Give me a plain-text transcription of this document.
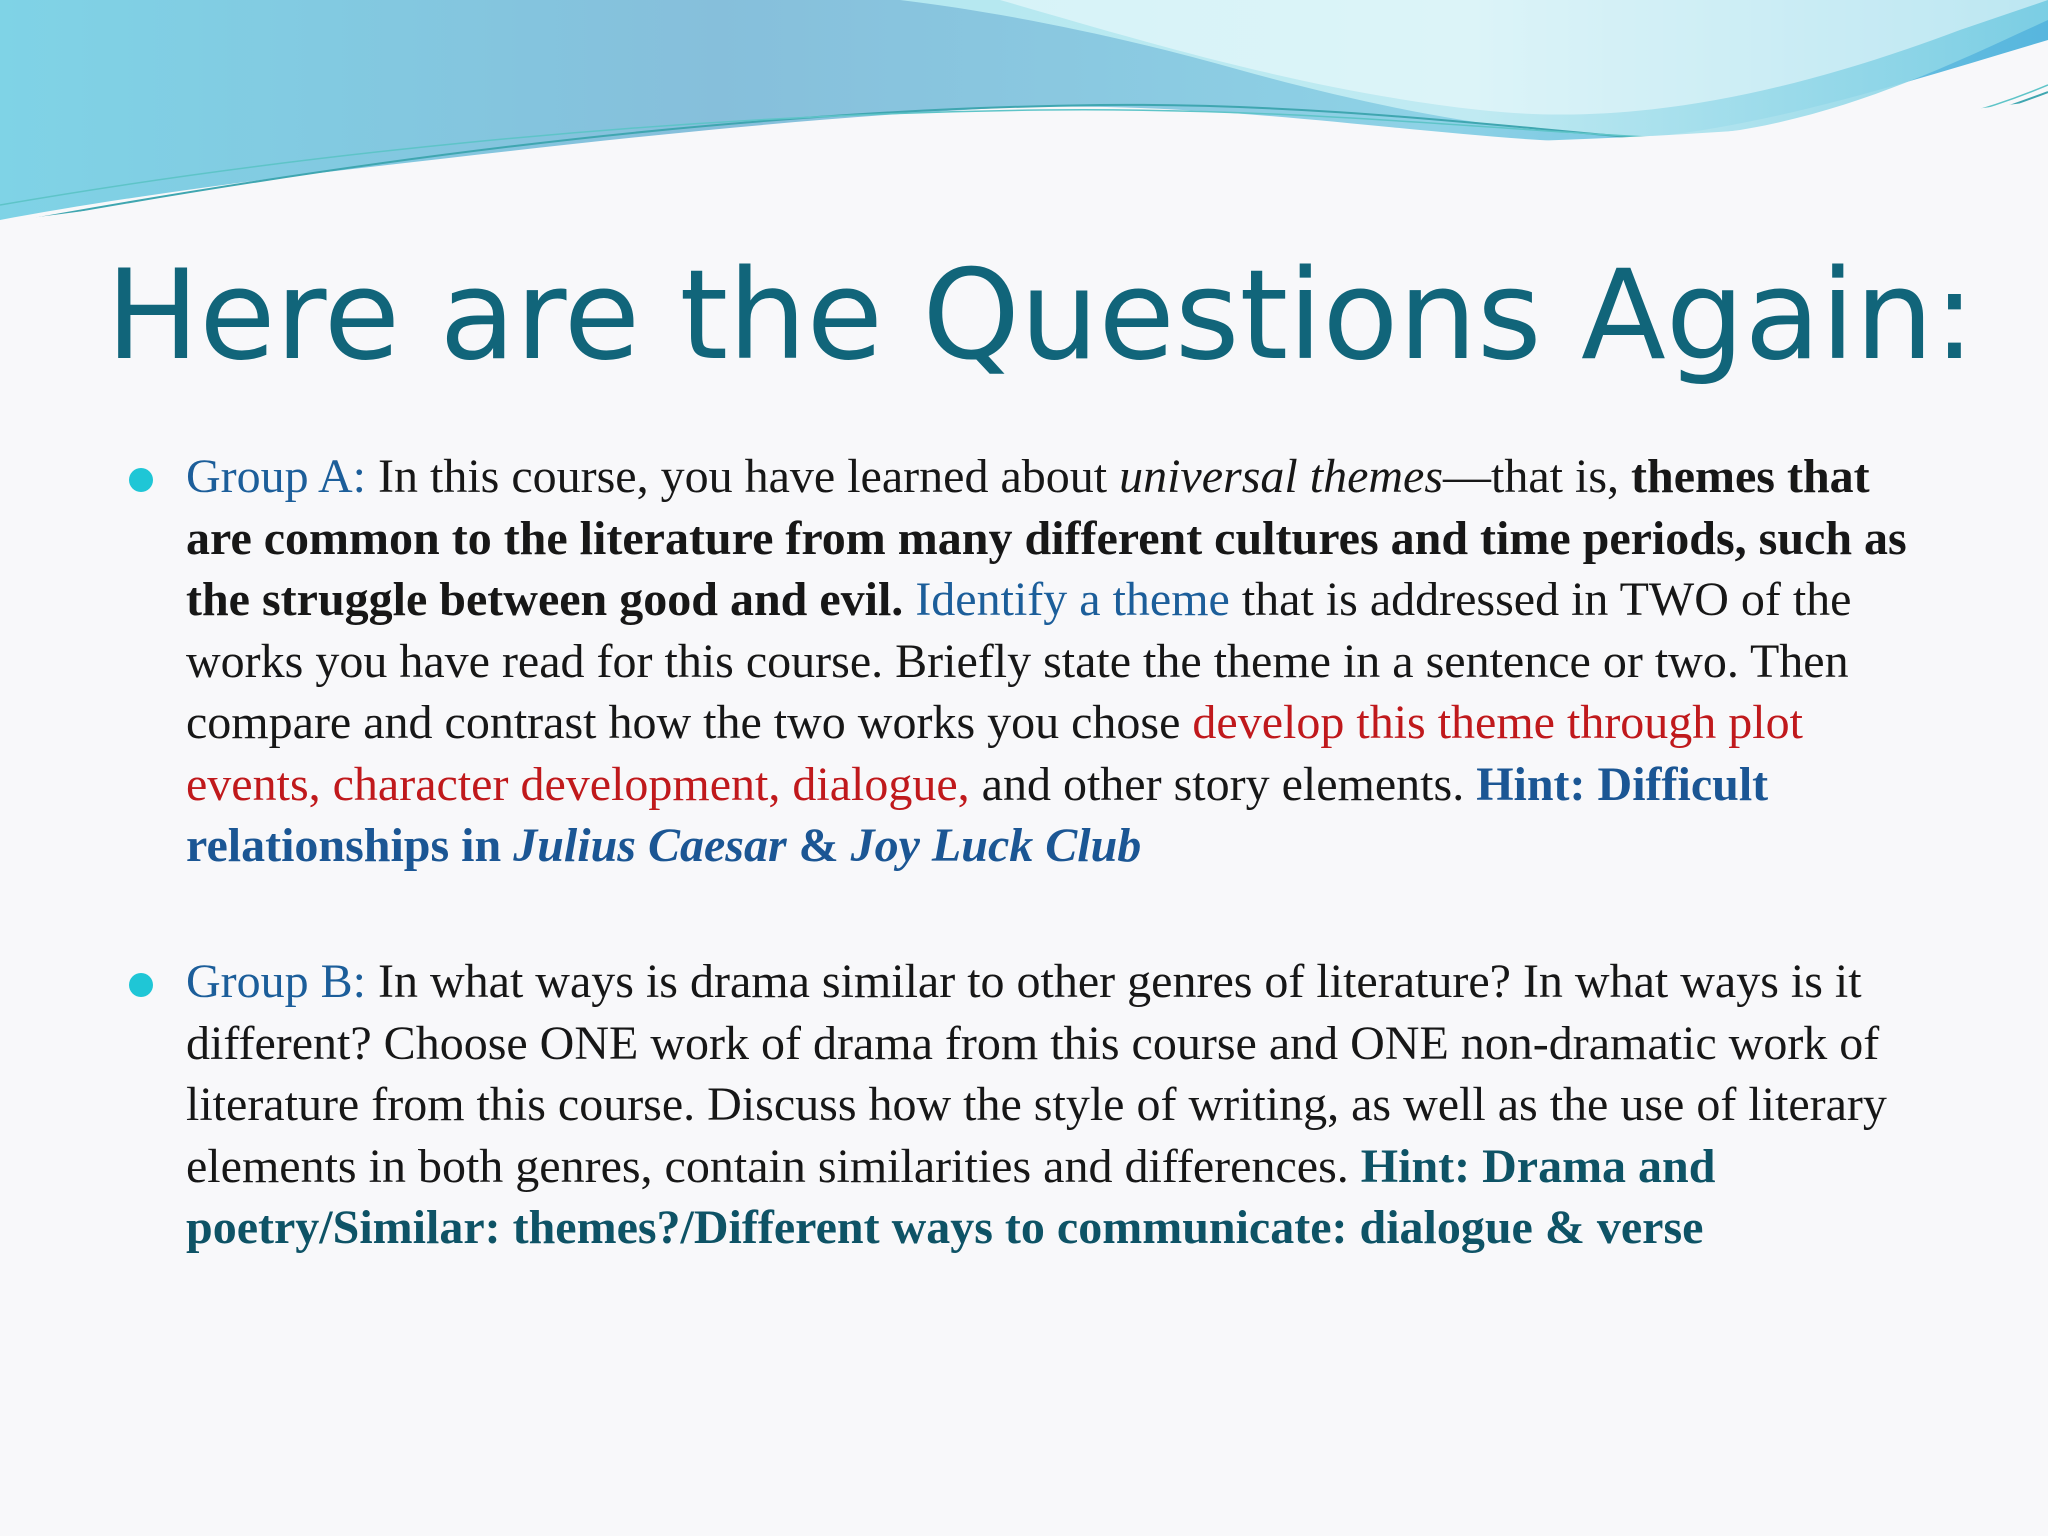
Here are the Questions Again:
Group A: In this course, you have learned about universal themes—that is, themes that are common to the literature from many different cultures and time periods, such as the struggle between good and evil. Identify a theme that is addressed in TWO of the works you have read for this course. Briefly state the theme in a sentence or two. Then compare and contrast how the two works you chose develop this theme through plot events, character development, dialogue, and other story elements. Hint: Difficult relationships in Julius Caesar & Joy Luck Club
Group B: In what ways is drama similar to other genres of literature? In what ways is it different? Choose ONE work of drama from this course and ONE non-dramatic work of literature from this course. Discuss how the style of writing, as well as the use of literary elements in both genres, contain similarities and differences. Hint: Drama and poetry/Similar: themes?/Different ways to communicate: dialogue & verse
